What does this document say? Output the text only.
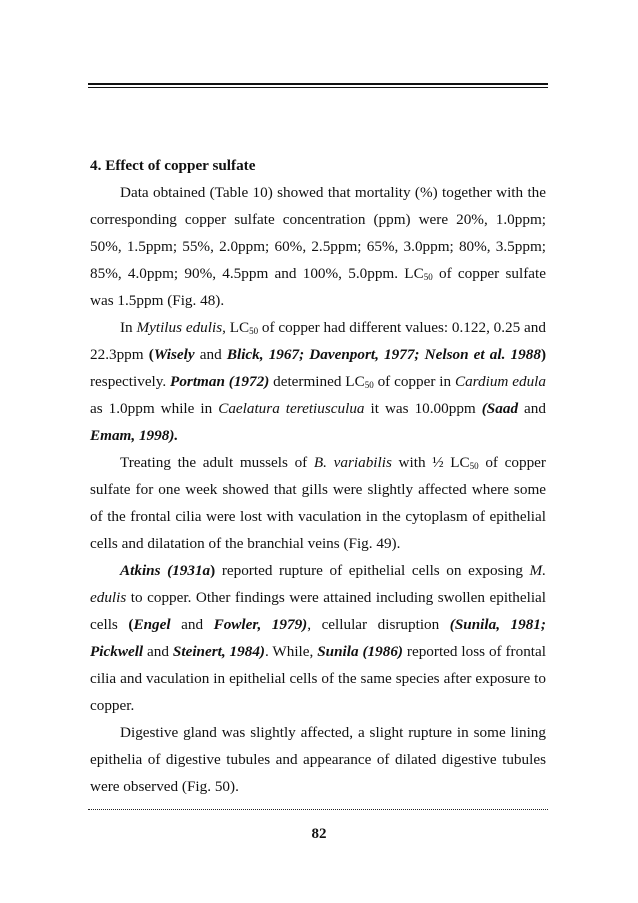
4. Effect of copper sulfate

Data obtained (Table 10) showed that mortality (%) together with the corresponding copper sulfate concentration (ppm) were 20%, 1.0ppm; 50%, 1.5ppm; 55%, 2.0ppm; 60%, 2.5ppm; 65%, 3.0ppm; 80%, 3.5ppm; 85%, 4.0ppm; 90%, 4.5ppm and 100%, 5.0ppm. $LC_{50}$ of copper sulfate was 1.5ppm (Fig. 48).

In Mytilus edulis, $LC_{50}$ of copper had different values: 0.122, 0.25 and 22.3ppm (Wisely and Blick, 1967; Davenport, 1977; Nelson et al. 1988) respectively. Portman (1972) determined $LC_{50}$ of copper in Cardium edula as 1.0ppm while in Caelatura teretiusculua it was 10.00ppm (Saad and Emam, 1998).

Treating the adult mussels of B. variabilis with ½ $LC_{50}$ of copper sulfate for one week showed that gills were slightly affected where some of the frontal cilia were lost with vaculation in the cytoplasm of epithelial cells and dilatation of the branchial veins (Fig. 49).

Atkins (1931a) reported rupture of epithelial cells on exposing M. edulis to copper. Other findings were attained including swollen epithelial cells (Engel and Fowler, 1979), cellular disruption (Sunila, 1981; Pickwell and Steinert, 1984). While, Sunila (1986) reported loss of frontal cilia and vaculation in epithelial cells of the same species after exposure to copper.

Digestive gland was slightly affected, a slight rupture in some lining epithelia of digestive tubules and appearance of dilated digestive tubules were observed (Fig. 50).

82
